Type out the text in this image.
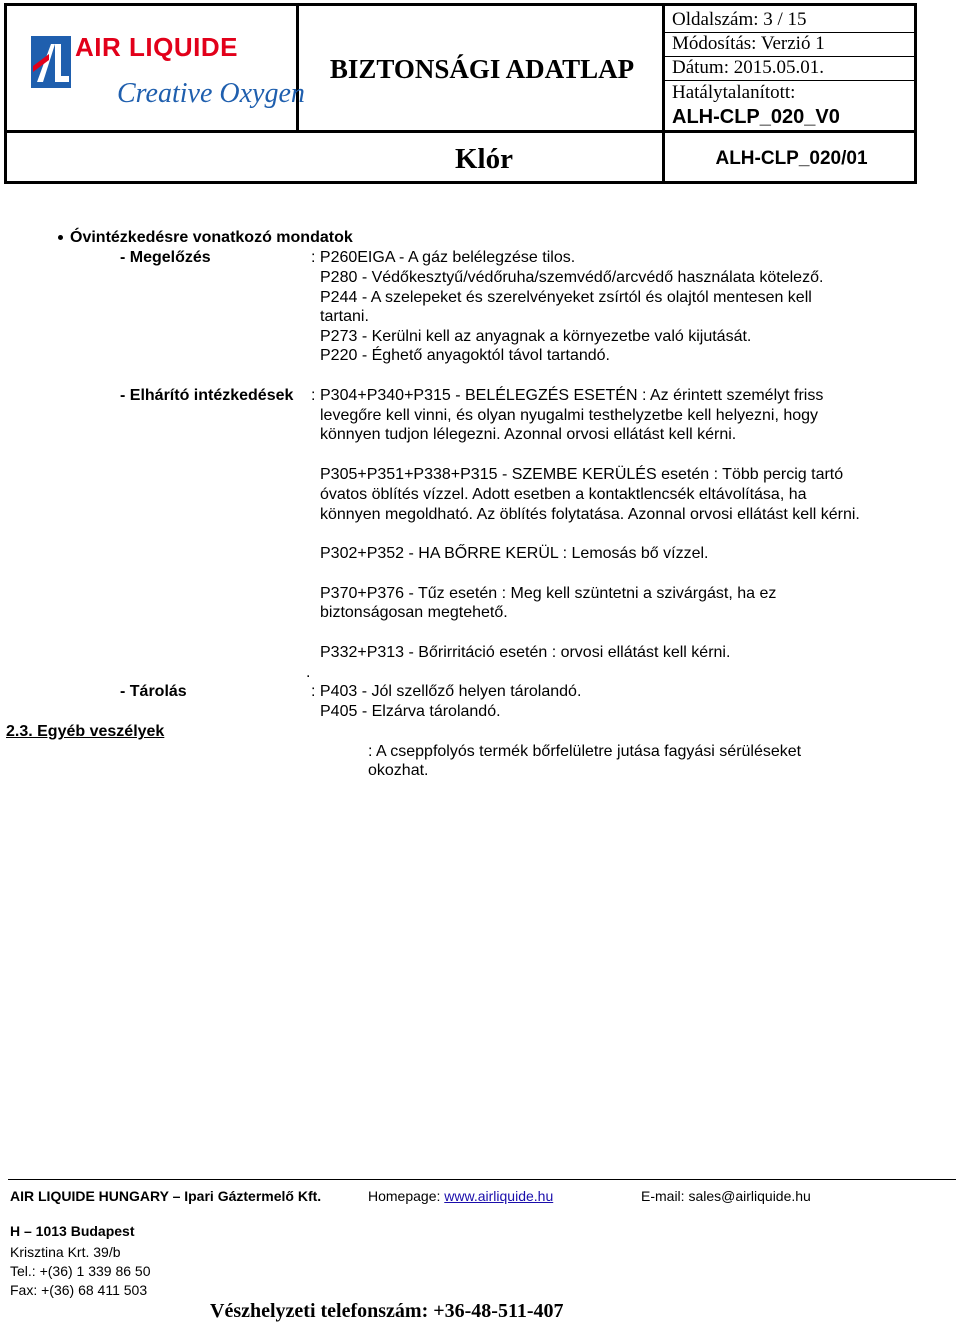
AIR LIQUIDE
Creative Oxygen
BIZTONSÁGI ADATLAP
Oldalszám: 3 / 15
Módosítás: Verzió 1
Dátum: 2015.05.01.
Hatálytalanított:
ALH-CLP_020_V0
Klór	ALH-CLP_020/01
Óvintézkedésre vonatkozó mondatok
- Megelőzés	: P260EIGA - A gáz belélegzése tilos.
P280 - Védőkesztyű/védőruha/szemvédő/arcvédő használata kötelező.
P244 - A szelepeket és szerelvényeket zsírtól és olajtól mentesen kell
tartani.
P273 - Kerülni kell az anyagnak a környezetbe való kijutását.
P220 - Éghető anyagoktól távol tartandó.
- Elhárító intézkedések : P304+P340+P315 - BELÉLEGZÉS ESETÉN : Az érintett személyt friss
levegőre kell vinni, és olyan nyugalmi testhelyzetbe kell helyezni, hogy
könnyen tudjon lélegezni. Azonnal orvosi ellátást kell kérni.
P305+P351+P338+P315 - SZEMBE KERÜLÉS esetén : Több percig tartó
óvatos öblítés vízzel. Adott esetben a kontaktlencsék eltávolítása, ha
könnyen megoldható. Az öblítés folytatása. Azonnal orvosi ellátást kell kérni.
P302+P352 - HA BŐRRE KERÜL : Lemosás bő vízzel.
P370+P376 - Tűz esetén : Meg kell szüntetni a szivárgást, ha ez
biztonságosan megtehető.
P332+P313 - Bőrirritáció esetén : orvosi ellátást kell kérni.
.
- Tárolás	: P403 - Jól szellőző helyen tárolandó.
P405 - Elzárva tárolandó.
2.3. Egyéb veszélyek
: A cseppfolyós termék bőrfelületre jutása fagyási sérüléseket
okozhat.
AIR LIQUIDE HUNGARY – Ipari Gáztermelő Kft.	Homepage: www.airliquide.hu	E-mail: sales@airliquide.hu
H – 1013 Budapest
Krisztina Krt. 39/b
Tel.: +(36) 1 339 86 50
Fax: +(36) 68 411 503
Vészhelyzeti telefonszám: +36-48-511-407
